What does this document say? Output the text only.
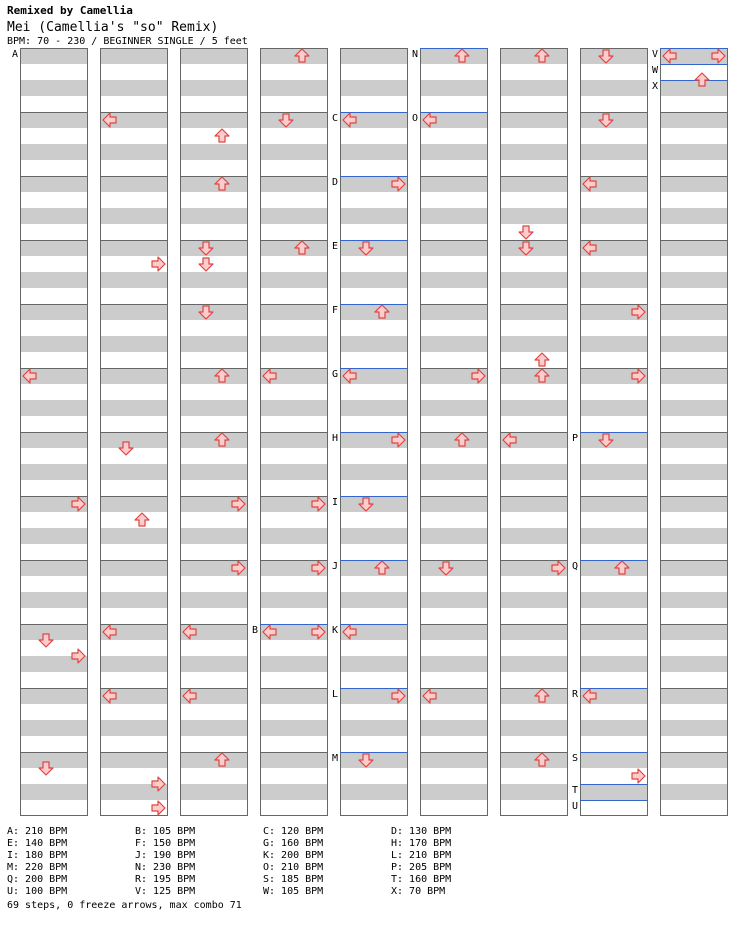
Remixed by Camellia
Mei (Camellia's "so" Remix)
BPM: 70 - 230 / BEGINNER SINGLE / 5 feet
A
B
C
D
E
F
G
H
I
J
K
L
M
N
O
P
Q
R
S
T
U
V
W
X
A: 210 BPM	B: 105 BPM	C: 120 BPM	D: 130 BPM
E: 140 BPM	F: 150 BPM	G: 160 BPM	H: 170 BPM
I: 180 BPM	J: 190 BPM	K: 200 BPM	L: 210 BPM
M: 220 BPM	N: 230 BPM	O: 210 BPM	P: 205 BPM
Q: 200 BPM	R: 195 BPM	S: 185 BPM	T: 160 BPM
U: 100 BPM	V: 125 BPM	W: 105 BPM	X: 70 BPM
69 steps, 0 freeze arrows, max combo 71
